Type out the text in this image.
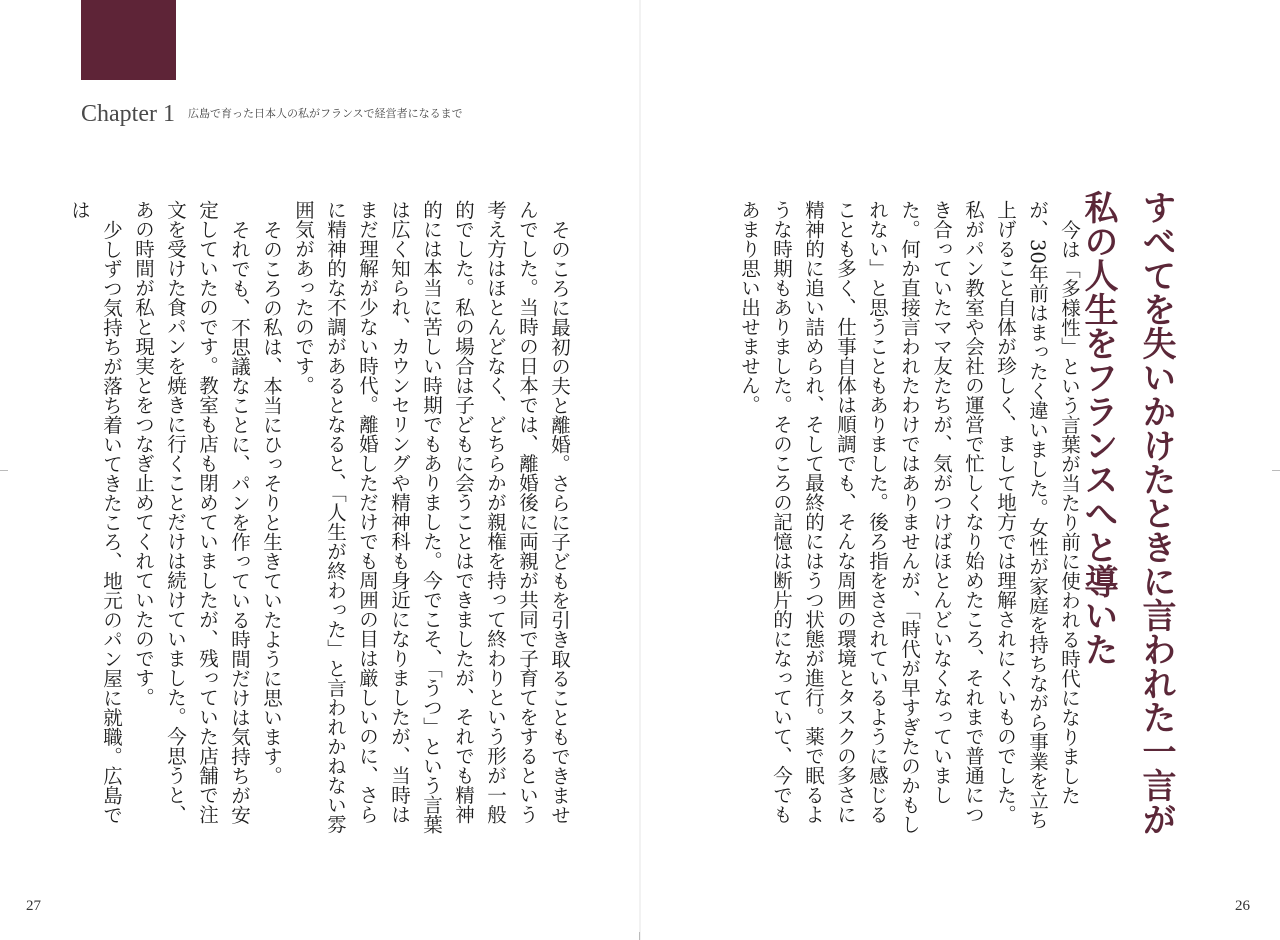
Chapter 1 広島で育った日本人の私がフランスで経営者になるまで
すべてを失いかけたときに言われた一言が
私の人生をフランスへと導いた

今は「多様性」という言葉が当たり前に使われる時代になりましたが、30年前はまったく違いました。女性が家庭を持ちながら事業を立ち上げること自体が珍しく、まして地方では理解されにくいものでした。私がパン教室や会社の運営で忙しくなり始めたころ、それまで普通につき合っていたママ友たちが、気がつけばほとんどいなくなっていました。何か直接言われたわけではありませんが、「時代が早すぎたのかもしれない」と思うこともありました。後ろ指をさされているように感じることも多く、仕事自体は順調でも、そんな周囲の環境とタスクの多さに精神的に追い詰められ、そして最終的にはうつ状態が進行。薬で眠るような時期もありました。そのころの記憶は断片的になっていて、今でもあまり思い出せません。

そのころに最初の夫と離婚。さらに子どもを引き取ることもできませんでした。当時の日本では、離婚後に両親が共同で子育てをするという考え方はほとんどなく、どちらかが親権を持って終わりという形が一般的でした。私の場合は子どもに会うことはできましたが、それでも精神的には本当に苦しい時期でもありました。今でこそ、「うつ」という言葉は広く知られ、カウンセリングや精神科も身近になりましたが、当時はまだ理解が少ない時代。離婚しただけでも周囲の目は厳しいのに、さらに精神的な不調があるとなると、「人生が終わった」と言われかねない雰囲気があったのです。

そのころの私は、本当にひっそりと生きていたように思います。

それでも、不思議なことに、パンを作っている時間だけは気持ちが安定していたのです。教室も店も閉めていましたが、残っていた店舗で注文を受けた食パンを焼きに行くことだけは続けていました。今思うと、あの時間が私と現実とをつなぎ止めてくれていたのです。

少しずつ気持ちが落ち着いてきたころ、地元のパン屋に就職。広島では

27	26
